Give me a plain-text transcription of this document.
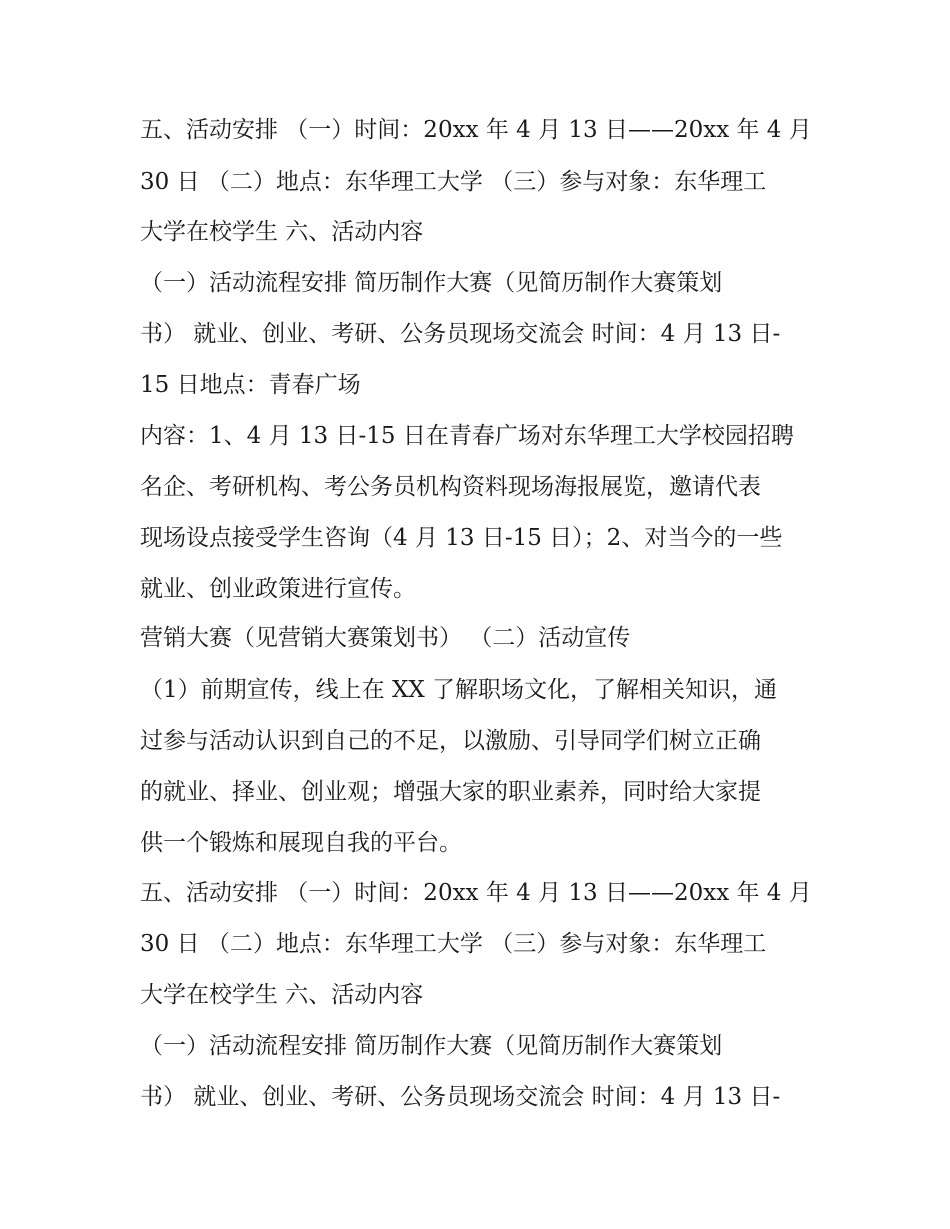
五、活动安排 （一）时间：20xx 年 4 月 13 日——20xx 年 4 月
30 日 （二）地点：东华理工大学 （三）参与对象：东华理工
大学在校学生 六、活动内容
（一）活动流程安排 简历制作大赛（见简历制作大赛策划
书） 就业、创业、考研、公务员现场交流会 时间：4 月 13 日-
15 日地点：青春广场
内容：1、4 月 13 日-15 日在青春广场对东华理工大学校园招聘
名企、考研机构、考公务员机构资料现场海报展览，邀请代表
现场设点接受学生咨询（4 月 13 日-15 日）；2、对当今的一些
就业、创业政策进行宣传。
营销大赛（见营销大赛策划书） （二）活动宣传
（1）前期宣传，线上在 XX 了解职场文化，了解相关知识，通
过参与活动认识到自己的不足，以激励、引导同学们树立正确
的就业、择业、创业观；增强大家的职业素养，同时给大家提
供一个锻炼和展现自我的平台。
五、活动安排 （一）时间：20xx 年 4 月 13 日——20xx 年 4 月
30 日 （二）地点：东华理工大学 （三）参与对象：东华理工
大学在校学生 六、活动内容
（一）活动流程安排 简历制作大赛（见简历制作大赛策划
书） 就业、创业、考研、公务员现场交流会 时间：4 月 13 日-
